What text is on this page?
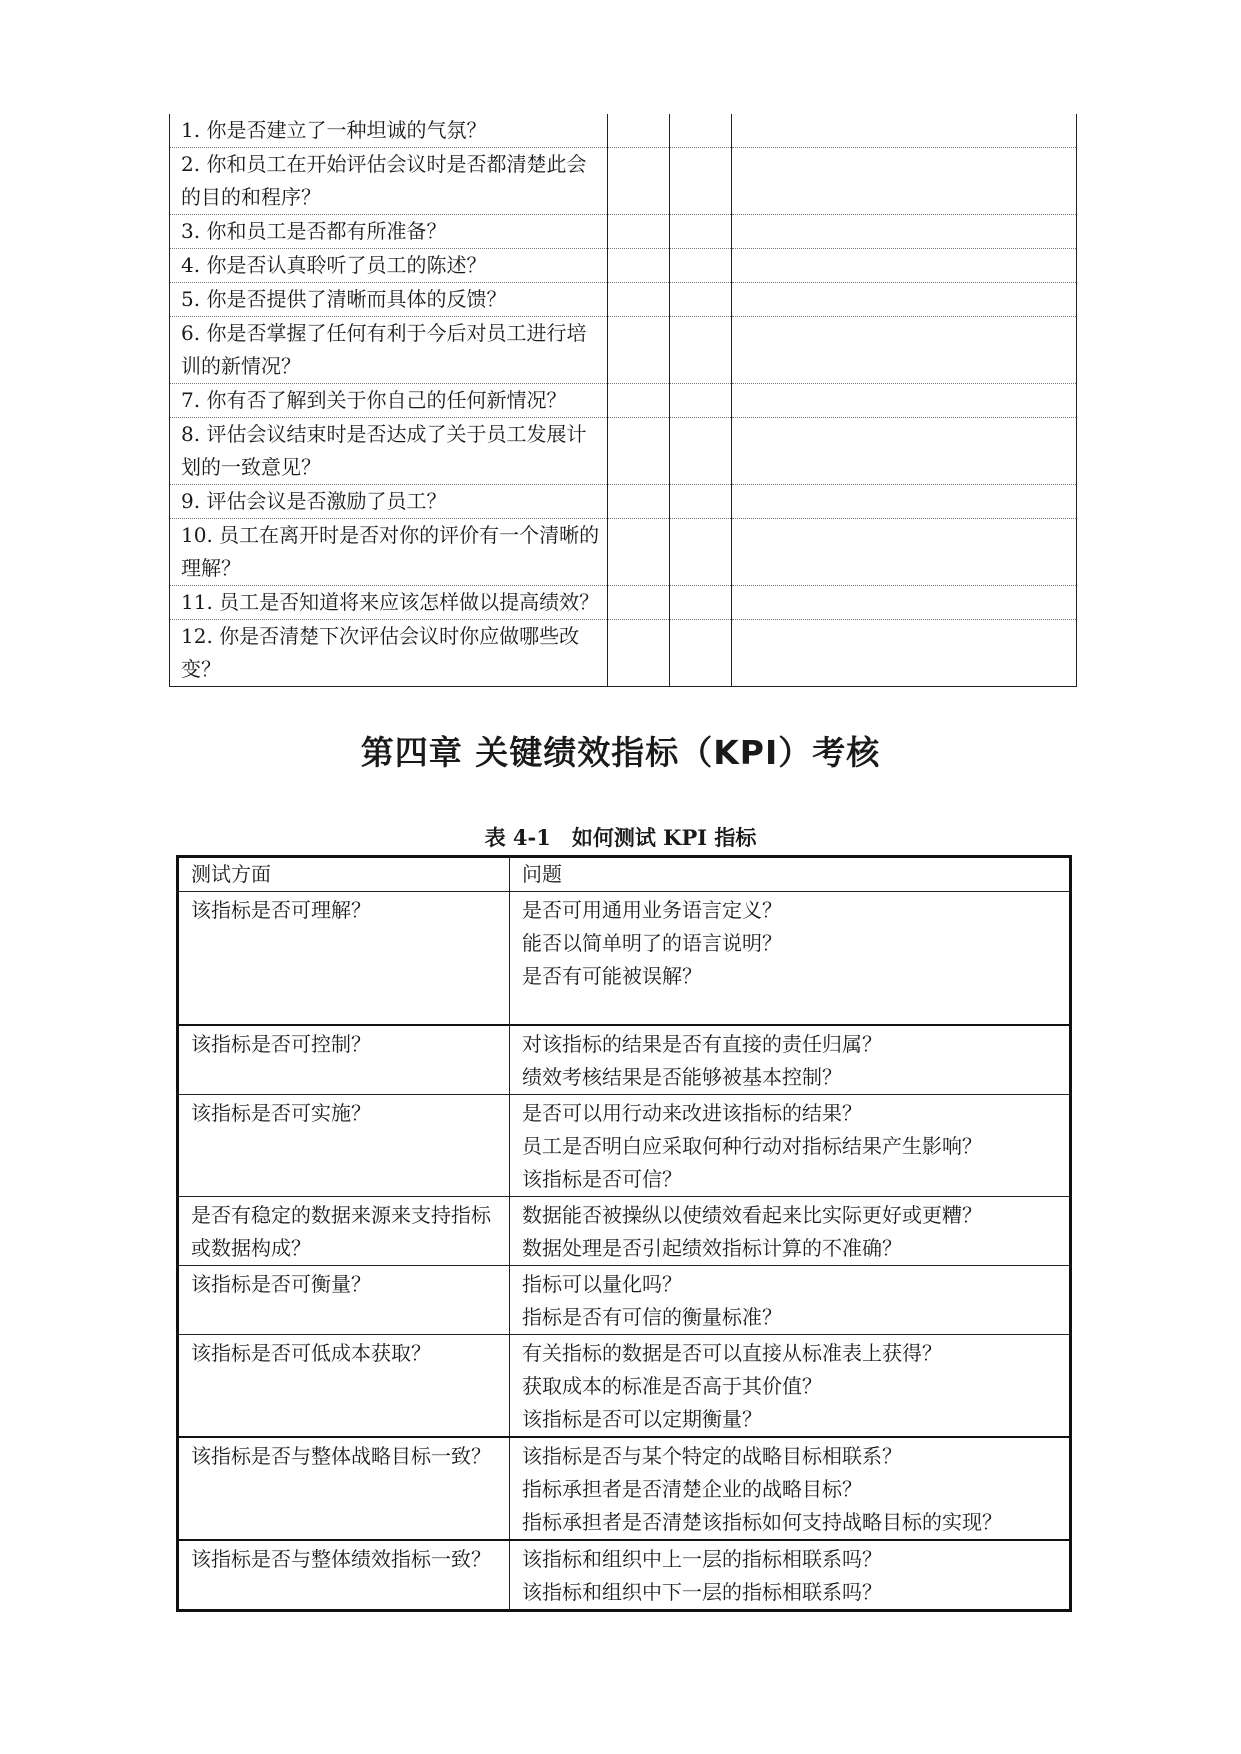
1. 你是否建立了一种坦诚的气氛？			
2. 你和员工在开始评估会议时是否都清楚此会的目的和程序？			
3. 你和员工是否都有所准备？			
4. 你是否认真聆听了员工的陈述？			
5. 你是否提供了清晰而具体的反馈？			
6. 你是否掌握了任何有利于今后对员工进行培训的新情况？			
7. 你有否了解到关于你自己的任何新情况？			
8. 评估会议结束时是否达成了关于员工发展计划的一致意见？			
9. 评估会议是否激励了员工？			
10. 员工在离开时是否对你的评价有一个清晰的理解？			
11. 员工是否知道将来应该怎样做以提高绩效？			
12. 你是否清楚下次评估会议时你应做哪些改变？			
第四章 关键绩效指标（KPI）考核
表 4-1　如何测试 KPI 指标
测试方面	问题
该指标是否可理解？	是否可用通用业务语言定义？
能否以简单明了的语言说明？
是否有可能被误解？

该指标是否可控制？	对该指标的结果是否有直接的责任归属？
绩效考核结果是否能够被基本控制？

该指标是否可实施？	是否可以用行动来改进该指标的结果？
员工是否明白应采取何种行动对指标结果产生影响？
该指标是否可信？

是否有稳定的数据来源来支持指标或数据构成？	数据能否被操纵以使绩效看起来比实际更好或更糟？
数据处理是否引起绩效指标计算的不准确？

该指标是否可衡量？	指标可以量化吗？
指标是否有可信的衡量标准？

该指标是否可低成本获取？	有关指标的数据是否可以直接从标准表上获得？
获取成本的标准是否高于其价值？
该指标是否可以定期衡量？

该指标是否与整体战略目标一致？	该指标是否与某个特定的战略目标相联系？
指标承担者是否清楚企业的战略目标？
指标承担者是否清楚该指标如何支持战略目标的实现？

该指标是否与整体绩效指标一致？	该指标和组织中上一层的指标相联系吗？
该指标和组织中下一层的指标相联系吗？
